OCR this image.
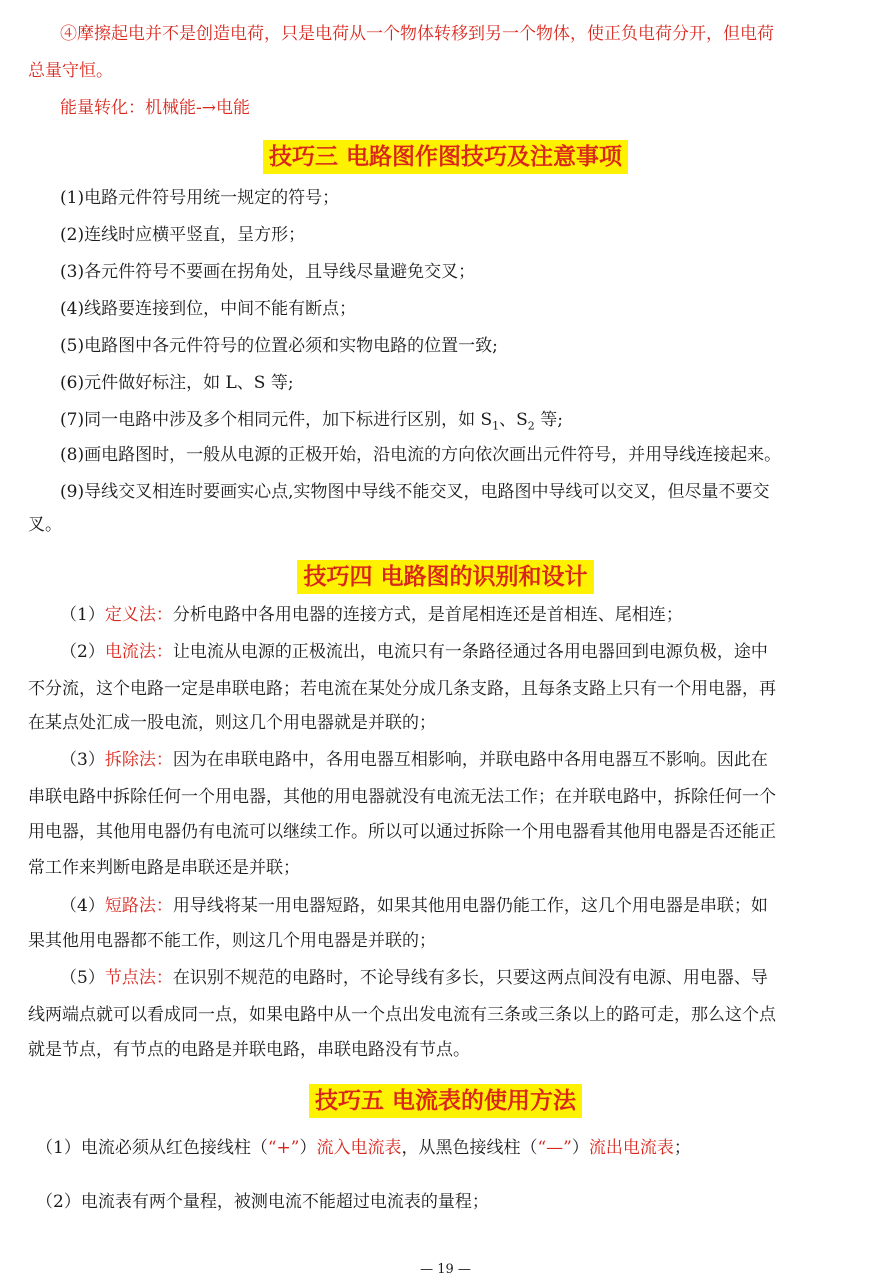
④摩擦起电并不是创造电荷，只是电荷从一个物体转移到另一个物体，使正负电荷分开，但电荷
总量守恒。
能量转化：机械能-→电能
技巧三 电路图作图技巧及注意事项
(1)电路元件符号用统一规定的符号；
(2)连线时应横平竖直，呈方形；
(3)各元件符号不要画在拐角处，且导线尽量避免交叉；
(4)线路要连接到位，中间不能有断点；
(5)电路图中各元件符号的位置必须和实物电路的位置一致;
(6)元件做好标注，如 L、S 等;
(7)同一电路中涉及多个相同元件，加下标进行区别，如 $S_1$、$S_2$ 等;
(8)画电路图时，一般从电源的正极开始，沿电流的方向依次画出元件符号，并用导线连接起来。
(9)导线交叉相连时要画实心点,实物图中导线不能交叉，电路图中导线可以交叉，但尽量不要交
叉。
技巧四 电路图的识别和设计
（1）定义法：分析电路中各用电器的连接方式，是首尾相连还是首相连、尾相连；
（2）电流法：让电流从电源的正极流出，电流只有一条路径通过各用电器回到电源负极，途中
不分流，这个电路一定是串联电路；若电流在某处分成几条支路，且每条支路上只有一个用电器，再
在某点处汇成一股电流，则这几个用电器就是并联的；
（3）拆除法：因为在串联电路中，各用电器互相影响，并联电路中各用电器互不影响。因此在
串联电路中拆除任何一个用电器，其他的用电器就没有电流无法工作；在并联电路中，拆除任何一个
用电器，其他用电器仍有电流可以继续工作。所以可以通过拆除一个用电器看其他用电器是否还能正
常工作来判断电路是串联还是并联；
（4）短路法：用导线将某一用电器短路，如果其他用电器仍能工作，这几个用电器是串联；如
果其他用电器都不能工作，则这几个用电器是并联的；
（5）节点法：在识别不规范的电路时，不论导线有多长，只要这两点间没有电源、用电器、导
线两端点就可以看成同一点，如果电路中从一个点出发电流有三条或三条以上的路可走，那么这个点
就是节点，有节点的电路是并联电路，串联电路没有节点。
技巧五 电流表的使用方法
（1）电流必须从红色接线柱（“+”）流入电流表，从黑色接线柱（“—”）流出电流表；
（2）电流表有两个量程，被测电流不能超过电流表的量程；
— 19 —
